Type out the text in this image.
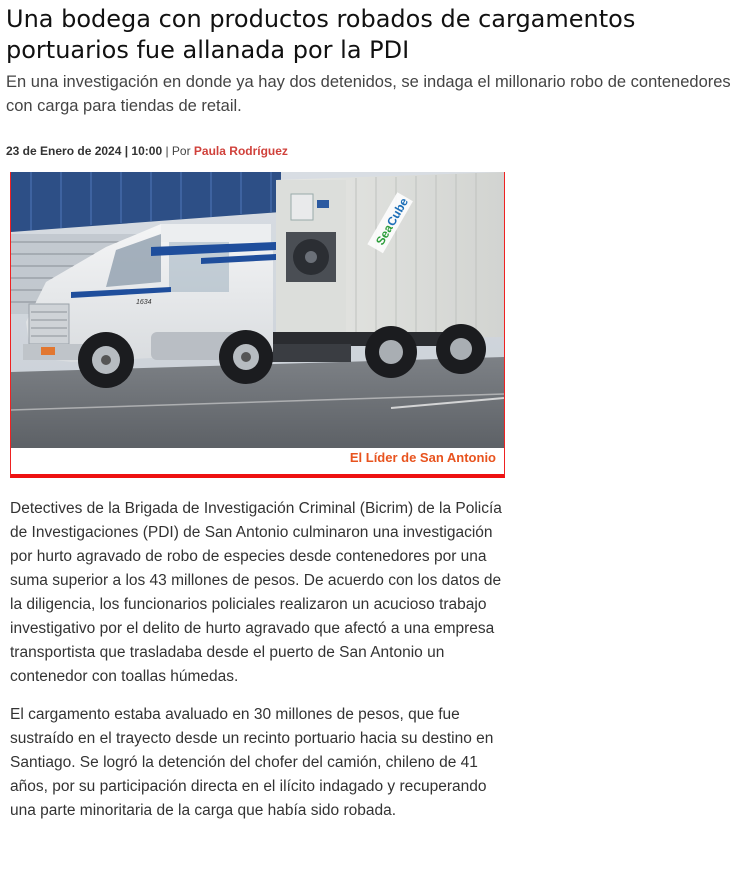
Una bodega con productos robados de cargamentos portuarios fue allanada por la PDI

En una investigación en donde ya hay dos detenidos, se indaga el millonario robo de contenedores con carga para tiendas de retail.

23 de Enero de 2024 | 10:00 | Por Paula Rodríguez
Sea
Cube
1634
El Líder de San Antonio

Detectives de la Brigada de Investigación Criminal (Bicrim) de la Policía de Investigaciones (PDI) de San Antonio culminaron una investigación por hurto agravado de robo de especies desde contenedores por una suma superior a los 43 millones de pesos. De acuerdo con los datos de la diligencia, los funcionarios policiales realizaron un acucioso trabajo investigativo por el delito de hurto agravado que afectó a una empresa transportista que trasladaba desde el puerto de San Antonio un contenedor con toallas húmedas.

El cargamento estaba avaluado en 30 millones de pesos, que fue sustraído en el trayecto desde un recinto portuario hacia su destino en Santiago. Se logró la detención del chofer del camión, chileno de 41 años, por su participación directa en el ilícito indagado y recuperando una parte minoritaria de la carga que había sido robada.
